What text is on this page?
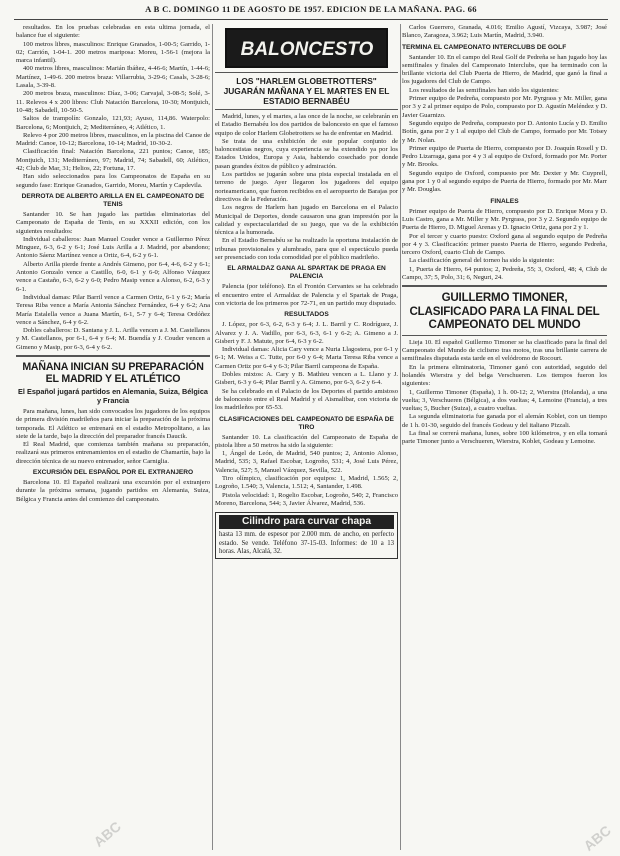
A B C. DOMINGO 11 DE AGOSTO DE 1957. EDICION DE LA MAÑANA. PAG. 66

resultados. En los pruebas celebradas en esta ultima jornada, el balance fue el siguiente:

100 metros libres, masculinos: Enrique Granados, 1-00-5; Garrido, 1-02; Carrión, 1-04-1. 200 metros mariposa: Moreu, 1-56-1 (mejora la marca infantil).

400 metros libres, masculinos: Marián Ibáñez, 4-46-6; Martín, 1-44-6; Martínez, 1-49-6. 200 metros braza: Villarrubia, 3-29-6; Casals, 3-28-6; Lasala, 3-39-8.

200 metros braza, masculinos: Díaz, 3-06; Carvajal, 3-08-5; Solé, 3-11. Relevos 4 x 200 libres: Club Natación Barcelona, 10-30; Montjuich, 10-48; Sabadell, 10-50-5.

Saltos de trampolín: Gonzalo, 121,93; Ayuso, 114,86. Waterpolo: Barcelona, 6; Montjuich, 2; Mediterráneo, 4; Atlético, 1.

Relevo 4 por 200 metros libres, masculinos, en la piscina del Canoe de Madrid: Canoe, 10-12; Barcelona, 10-14; Madrid, 10-30-2.

Clasificación final: Natación Barcelona, 221 puntos; Canoe, 185; Montjuich, 131; Mediterráneo, 97; Madrid, 74; Sabadell, 60; Atlético, 42; Club de Mar, 31; Helios, 22; Fortuna, 17.

Han sido seleccionados para los Campeonatos de España en su segundo fase: Enrique Granados, Garrido, Moreu, Martín y Capdevila.

DERROTA DE ALBERTO ARILLA EN EL CAMPEONATO DE TENIS

Santander 10. Se han jugado las partidas eliminatorias del Campeonato de España de Tenis, en su XXXII edición, con los siguientes resultados:

Individual caballeros: Juan Manuel Couder vence a Guillermo Pérez Minguez, 6-3, 6-2 y 6-1; José Luis Arilla a J. Madrid, por abandono; Antonio Sáenz Martínez vence a Ortiz, 6-4, 6-2 y 6-1.

Alberto Arilla pierde frente a Andrés Gimeno, por 6-4, 4-6, 6-2 y 6-1; Antonio Gonzalo vence a Castillo, 6-0, 6-1 y 6-0; Alfonso Vázquez vence a Castaño, 6-3, 6-2 y 6-0; Pedro Masip vence a Alonso, 6-2, 6-3 y 6-1.

Individual damas: Pilar Barril vence a Carmen Ortiz, 6-1 y 6-2; María Teresa Riba vence a María Antonia Sánchez Fernández, 6-4 y 6-2; Ana María Estalella vence a Juana Martín, 6-1, 5-7 y 6-4; Teresa Ordóñez vence a Sánchez, 6-4 y 6-2.

Dobles caballeros: D. Santana y J. L. Arilla vencen a J. M. Castellanos y M. Castellanos, por 6-1, 6-4 y 6-4; M. Buendía y J. Couder vencen a Gimeno y Masip, por 6-3, 6-4 y 6-2.

MAÑANA INICIAN SU PREPARACIÓN EL MADRID Y EL ATLÉTICO
El Español jugará partidos en Alemania, Suiza, Bélgica y Francia

Para mañana, lunes, han sido convocados los jugadores de los equipos de primera división madrileños para iniciar la preparación de la próxima temporada. El Atlético se entrenará en el estadio Metropolitano, a las siete de la tarde, bajo la dirección del preparador francés Daucik.

El Real Madrid, que comienza también mañana su preparación, realizará sus primeros entrenamientos en el estadio de Chamartín, bajo la dirección técnica de su nuevo entrenador, señor Carniglia.

EXCURSIÓN DEL ESPAÑOL POR EL EXTRANJERO

Barcelona 10. El Español realizará una excursión por el extranjero durante la próxima semana, jugando partidos en Alemania, Suiza, Bélgica y Francia antes del comienzo del campeonato.

BALONCESTO
LOS "HARLEM GLOBETROTTERS" JUGARÁN MAÑANA Y EL MARTES EN EL ESTADIO BERNABÉU

Madrid, lunes, y el martes, a las once de la noche, se celebrarán en el Estadio Bernabéu los dos partidos de baloncesto en que el famoso equipo de color Harlem Globetrotters se ha de enfrentar en Madrid.

Se trata de una exhibición de este popular conjunto de baloncestistas negros, cuya experiencia se ha extendido ya por los Estados Unidos, Europa y Asia, habiendo cosechado por donde pasan grandes éxitos de público y admiración.

Los partidos se jugarán sobre una pista especial instalada en el terreno de juego. Ayer llegaron los jugadores del equipo norteamericano, que fueron recibidos en el aeropuerto de Barajas por directivos de la Federación.

Los negros de Harlem han jugado en Barcelona en el Palacio Municipal de Deportes, donde causaron una gran impresión por la calidad y espectacularidad de su juego, que va de la exhibición técnica a la humorada.

En el Estadio Bernabéu se ha realizado la oportuna instalación de tribunas provisionales y alumbrado, para que el espectáculo pueda ser presenciado con toda comodidad por el público madrileño.

EL ARMALDAZ GANA AL SPARTAK DE PRAGA EN PALENCIA

Palencia (por teléfono). En el Frontón Cervantes se ha celebrado el encuentro entre el Armaldaz de Palencia y el Spartak de Praga, con victoria de los primeros por 72-71, en un partido muy disputado.

RESULTADOS

J. López, por 6-3, 6-2, 6-3 y 6-4; J. L. Barril y C. Rodríguez, J. Alvarez y J. A. Vadillo, por 6-3, 6-3, 6-1 y 6-2; A. Gimeno a J. Gisbert y F. J. Matute, por 6-4, 6-3 y 6-2.

Individual damas: Alicia Cary vence a Nuria Llagostera, por 6-1 y 6-1; M. Weiss a C. Tutte, por 6-0 y 6-4; Marta Teresa Riba vence a Carmen Ortiz por 6-4 y 6-3; Pilar Barril campeona de España.

Dobles mixtos: A. Cary y B. Mathieu vencen a L. Llano y J. Gisbert, 6-3 y 6-4; Pilar Barril y A. Gimeno, por 6-3, 6-2 y 6-4.

Se ha celebrado en el Palacio de los Deportes el partido amistoso de baloncesto entre el Real Madrid y el Aismalibar, con victoria de los madrileños por 65-53.

CLASIFICACIONES DEL CAMPEONATO DE ESPAÑA DE TIRO

Santander 10. La clasificación del Campeonato de España de pistola libre a 50 metros ha sido la siguiente:

1, Ángel de León, de Madrid, 540 puntos; 2, Antonio Alonso, Madrid, 535; 3, Rafael Escobar, Logroño, 531; 4, José Luis Pérez, Valencia, 527; 5, Manuel Vázquez, Sevilla, 522.

Tiro olímpico, clasificación por equipos: 1, Madrid, 1.565; 2, Logroño, 1.540; 3, Valencia, 1.512; 4, Santander, 1.498.

Pistola velocidad: 1, Rogelio Escobar, Logroño, 540; 2, Francisco Moreno, Barcelona, 544; 3, Javier Álvarez, Madrid, 536.

Cilindro para curvar chapa
hasta 13 mm. de espesor por 2.000 mm. de ancho, en perfecto estado. Se vende. Teléfono 37-15-03. Informes: de 10 a 13 horas. Alas, Alcalá, 32.

Carlos Guerrero, Granada, 4.016; Emilio Agustí, Vizcaya, 3.987; José Blanco, Zaragoza, 3.962; Luis Martín, Madrid, 3.940.

TERMINA EL CAMPEONATO INTERCLUBS DE GOLF

Santander 10. En el campo del Real Golf de Pedreña se han jugado hoy las semifinales y finales del Campeonato Interclubs, que ha terminado con la brillante victoria del Club Puerta de Hierro, de Madrid, que ganó la final a los jugadores del Club de Campo.

Los resultados de las semifinales han sido los siguientes:

Primer equipo de Pedreña, compuesto por Mr. Pyrgrass y Mr. Miller, gana por 3 y 2 al primer equipo de Polo, compuesto por D. Agustín Meléndez y D. Javier Guarnizo.

Segundo equipo de Pedreña, compuesto por D. Antonio Lucía y D. Emilio Botín, gana por 2 y 1 al equipo del Club de Campo, formado por Mr. Totsey y Mr. Nolan.

Primer equipo de Puerta de Hierro, compuesto por D. Joaquín Rosell y D. Pedro Lizarraga, gana por 4 y 3 al equipo de Oxford, formado por Mr. Porter y Mr. Brooks.

Segundo equipo de Oxford, compuesto por Mr. Dexter y Mr. Cuyprell, gana por 1 y 0 al segundo equipo de Puerta de Hierro, formado por Mr. Marr y Mr. Douglas.

FINALES

Primer equipo de Puerta de Hierro, compuesto por D. Enrique Mora y D. Luis Castro, gana a Mr. Miller y Mr. Pyrgrass, por 3 y 2. Segundo equipo de Puerta de Hierro, D. Miguel Arenas y D. Ignacio Ortiz, gana por 2 y 1.

Por el tercer y cuarto puesto: Oxford gana al segundo equipo de Pedreña por 4 y 3. Clasificación: primer puesto Puerta de Hierro, segundo Pedreña, tercero Oxford, cuarto Club de Campo.

La clasificación general del torneo ha sido la siguiente:

1, Puerta de Hierro, 64 puntos; 2, Pedreña, 55; 3, Oxford, 48; 4, Club de Campo, 37; 5, Polo, 31; 6, Neguri, 24.

GUILLERMO TIMONER, CLASIFICADO PARA LA FINAL DEL CAMPEONATO DEL MUNDO

Lieja 10. El español Guillermo Timoner se ha clasificado para la final del Campeonato del Mundo de ciclismo tras motos, tras una brillante carrera de semifinales disputada esta tarde en el velódromo de Rocourt.

En la primera eliminatoria, Timoner ganó con autoridad, seguido del holandés Wierstra y del belga Verschueren. Los tiempos fueron los siguientes:

1, Guillermo Timoner (España), 1 h. 00-12; 2, Wierstra (Holanda), a una vuelta; 3, Verschueren (Bélgica), a dos vueltas; 4, Lemoine (Francia), a tres vueltas; 5, Bucher (Suiza), a cuatro vueltas.

La segunda eliminatoria fue ganada por el alemán Koblet, con un tiempo de 1 h. 01-30, seguido del francés Godeau y del italiano Pizzali.

La final se correrá mañana, lunes, sobre 100 kilómetros, y en ella tomará parte Timoner junto a Verschueren, Wierstra, Koblet, Godeau y Lemoine.

ABC
ABC
